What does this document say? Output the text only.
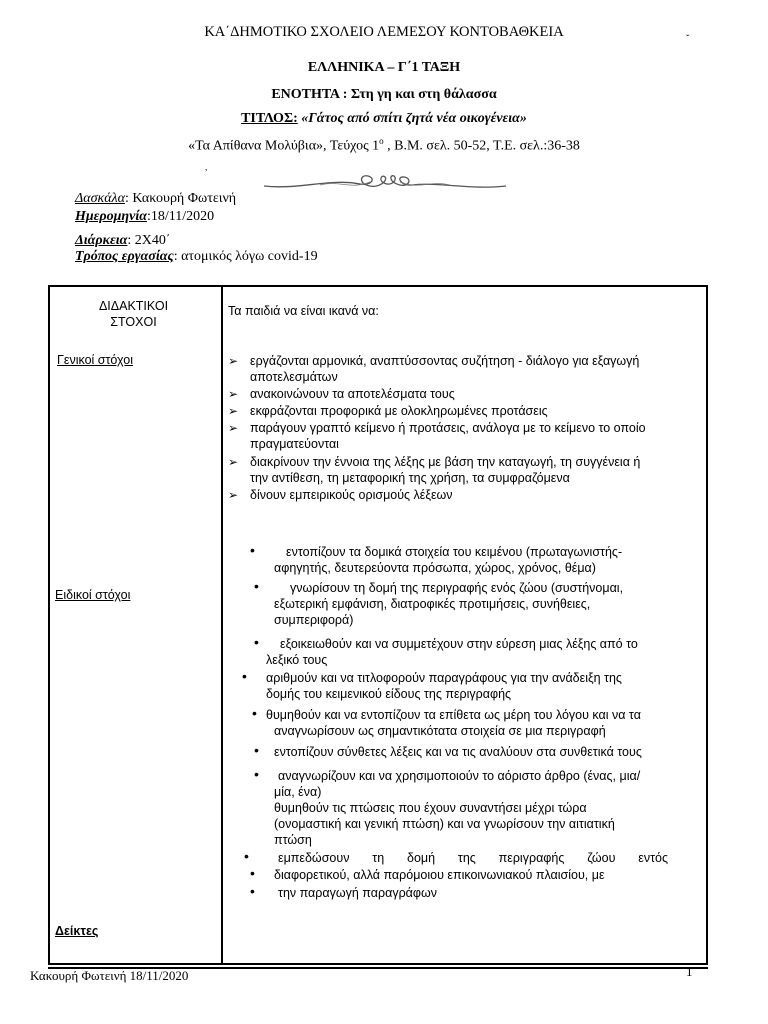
ΚΑ΄ΔΗΜΟΤΙΚΟ ΣΧΟΛΕΙΟ ΛΕΜΕΣΟΥ ΚΟΝΤΟΒΑΘΚΕΙΑ	ˇ
ΕΛΛΗΝΙΚΑ – Γ΄1 ΤΑΞΗ
ΕΝΟΤΗΤΑ : Στη γη και στη θάλασσα
ΤΙΤΛΟΣ: «Γάτος από σπίτι ζητά νέα οικογένεια»
«Τα Απίθανα Μολύβια», Τεύχος $1^o$ , Β.Μ. σελ. 50-52, Τ.Ε. σελ.:36-38
,
Δασκάλα: Κακουρή Φωτεινή
Ημερομηνία:18/11/2020
Διάρκεια: 2Χ40΄
Τρόπος εργασίας: ατομικός λόγω covid-19
ΔΙΔΑΚΤΙΚΟΙ
ΣΤΟΧΟΙ
Τα παιδιά να είναι ικανά να:
Γενικοί στόχοι
Ειδικοί στόχοι
Δείκτες
➢ εργάζονται αρμονικά, αναπτύσσοντας συζήτηση - διάλογο για εξαγωγή
αποτελεσμάτων
➢ ανακοινώνουν τα αποτελέσματα τους
➢ εκφράζονται προφορικά με ολοκληρωμένες προτάσεις
➢ παράγουν γραπτό κείμενο ή προτάσεις, ανάλογα με το κείμενο το οποίο
πραγματεύονται
➢ διακρίνουν την έννοια της λέξης με βάση την καταγωγή, τη συγγένεια ή
την αντίθεση, τη μεταφορική της χρήση, τα συμφραζόμενα
➢ δίνουν εμπειρικούς ορισμούς λέξεων
• εντοπίζουν τα δομικά στοιχεία του κειμένου (πρωταγωνιστής-
αφηγητής, δευτερεύοντα πρόσωπα, χώρος, χρόνος, θέμα)
• γνωρίσουν τη δομή της περιγραφής ενός ζώου (συστήνομαι,
εξωτερική εμφάνιση, διατροφικές προτιμήσεις, συνήθειες,
συμπεριφορά)
• εξοικειωθούν και να συμμετέχουν στην εύρεση μιας λέξης από το
λεξικό τους
• αριθμούν και να τιτλοφορούν παραγράφους για την ανάδειξη της
δομής του κειμενικού είδους της περιγραφής
• θυμηθούν και να εντοπίζουν τα επίθετα ως μέρη του λόγου και να τα
αναγνωρίσουν ως σημαντικότατα στοιχεία σε μια περιγραφή
• εντοπίζουν σύνθετες λέξεις και να τις αναλύουν στα συνθετικά τους
• αναγνωρίζουν και να χρησιμοποιούν το αόριστο άρθρο (ένας, μια/
μία, ένα)
θυμηθούν τις πτώσεις που έχουν συναντήσει μέχρι τώρα
(ονομαστική και γενική πτώση) και να γνωρίσουν την αιτιατική
πτώση
• εμπεδώσουν τη δομή της περιγραφής ζώου εντός
• διαφορετικού, αλλά παρόμοιου επικοινωνιακού πλαισίου, με
• την παραγωγή παραγράφων
Κακουρή Φωτεινή 18/11/2020	1
